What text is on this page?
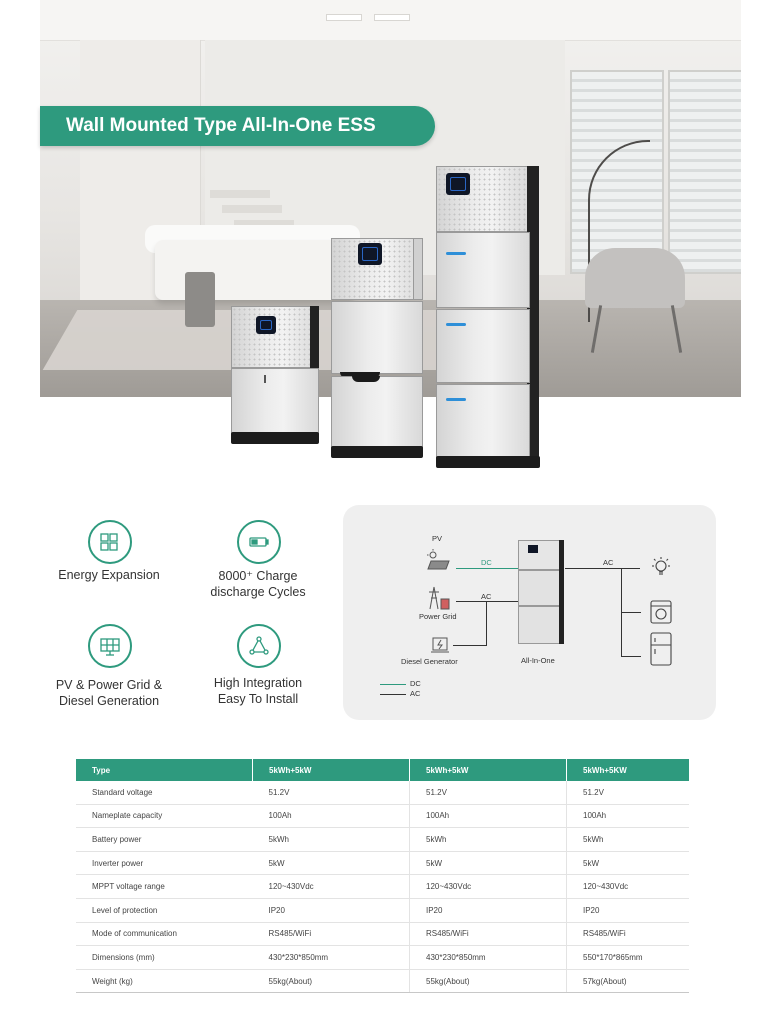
Wall Mounted Type All-In-One ESS
Energy Expansion	8000⁺ Charge
discharge Cycles
PV & Power Grid &
Diesel Generation
High Integration
Easy To Install
PV
DC
Power Grid
AC
Diesel Generator	All-In-One
AC
DC
AC
Type	5kWh+5kW	5kWh+5kW	5kWh+5KW
Standard voltage	51.2V	51.2V	51.2V
Nameplate capacity	100Ah	100Ah	100Ah
Battery power	5kWh	5kWh	5kWh
Inverter power	5kW	5kW	5kW
MPPT voltage range	120~430Vdc	120~430Vdc	120~430Vdc
Level of protection	IP20	IP20	IP20
Mode of communication	RS485/WiFi	RS485/WiFi	RS485/WiFi
Dimensions (mm)	430*230*850mm	430*230*850mm	550*170*865mm
Weight (kg)	55kg(About)	55kg(About)	57kg(About)
